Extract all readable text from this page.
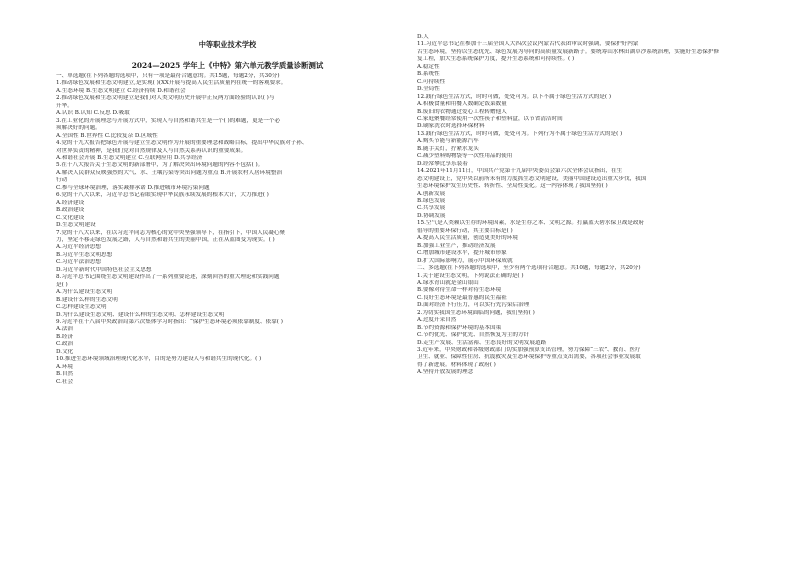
中等职业技术学校
2024—2025 学年上《中特》第六单元教学质量诊断测试
一、单选题(在下列各题的选项中，只有一项是最符合题意的。共15题，每题2分，共30分)
1.推动绿色发展和生态文明建立,是实现( )(XX开展与提高人民生活质量内在统一的客观要求。
A.生态环境 B.生态文明建立 C.经济持续 D.和谐社会
2.推动绿色发展和生态文明建立是我们对人类文明历史开展中正反两方面经验的认识( )与
升华。
A.认识 B.认知 C.反思 D.吸取
3.在工业化的开展理念与开展方式中，实现人与自然和谐共生是一个( )的难题，更是一个必
须解决好的问题。
A.全国性 B.世界性 C.比较复杂 D.区域性
4.党的十九大报告把绿色开展与建立生态文明作为开展的重要理念和战略目标，提出中华民族对子孙、
对世界负责的精神，是我们党对自然规律及人与自然关系再认识的重要成果。
A.和谐社会开展 B.生态文明建立 C.互联网应用 D.共享经济
5.在十八大报告关于生态文明的新部署中，为了解决突出环境问题的内容不包括( )。
A.解决人民群众反映强烈的大气、水、土壤污染等突出问题为重点 B.开展农村人居环境整治
行动
C.参与全球环境治理，落实减排承诺 D.推进城市环境污染问题
6.党的十八大以来，习近平总书记着眼实现中华民族永续发展的根本大计，大力推进( )
A.经济建设
B.政治建设
C.文化建设
D.生态文明建设
7.党的十八大以来，在以习近平同志为核心的党中央坚强领导下，在指引下，中国人民凝心聚
力，坚定不移走绿色发展之路，人与自然和谐共生的美丽中国，正在从蓝图变为现实。( )
A.习近平经济思想
B.习近平生态文明思想
C.习近平法治思想
D.习近平新时代中国特色社会主义思想
8.习近平总书记围绕生态文明建设作出了一系列重要论述，深刻回答的重大理论和实践问题
是( )
A.为什么建设生态文明
B.建设什么样的生态文明
C.怎样建设生态文明
D.为什么建设生态文明、建设什么样的生态文明、怎样建设生态文明
9.习近平在十八届中央政治局第六次集体学习时指出：“保护生态环境必须依靠制度、依靠( )
A.法治
B.经济
C.政治
D.文化
10.推进生态环境领域治理现代化水平，目的是努力建设人与和谐共生的现代化。( )
A.环境
B.自然
C.社会
D.人
11.习近平总书记在参加十三届全国人大四次会议内蒙古代表团审议时强调，要保护好内蒙
古生态环境，坚持以生态优先、绿色发展为导向的高质量发展新路子。要统筹山水林田湖草沙系统治理，实施好生态保护修
复工程，加大生态系统保护力度，提升生态系统和可持续性。( )
A.稳定性
B.系统性
C.可持续性
D.全局性
12.践行绿色生活方式，时时可做，处处可为。以下不属于绿色生活方式的是( )
A.积极食量和用餐人数确定饭菜数量
B.废旧的衣物通过爱心工程转赠他人
C.家庭聚餐经常使用一次性筷子和塑料盒，以节省清洁时间
D.刷家洗衣时选择环保材料
13.践行绿色生活方式，时时可做，处处可为。下列行为不属于绿色生活方式的是( )
A.购买节能与新能源汽车
B.随手关灯，拧紧水龙头
C.减少塑料购物袋等一次性用品的使用
D.经常攀比享乐装着
14.2021年11月11日，中国共产党第十九届中央委员会第六次全体会议指出，在生
态文明建设上，党中央以前所未有的力度抓生态文明建设，美丽中国建设迈出重大步伐，我国
生态环境保护发生历史性、转折性、全局性变化。这一内容体现了我国坚持( )
A.创新发展
B.绿色发展
C.共享发展
D.协调发展
15.空气是人类赖以生存的环境因素，水是生存之本、文明之源。打赢蓝天碧水保卫战是政府
倡导的重要环保行动，其主要目标是( )
A.提高人民生活质量，创造更美好的环境
B.加强工业生产，推动经济发展
C.增加城市建设水平，提升城市形象
D.扩大国际影响力，展示中国环保成就
二、多选题(在下列各题的选项中，至少有两个选项符合题意。共10题，每题2分，共20分)
1.关于建设生态文明，下列说法正确的是( )
A.绿水青山就是金山银山
B.要像对待生命一样对待生态环境
C.良好生态环境是最普惠的民生福祉
D.面对经济下行压力，可以实行先污染后治理
2.为切实我国生态环境面临的问题，我们坚持( )
A.过度开采自然
B.节约资源和保护环境的基本国策
C.节约优先、保护优先、自然恢复为主的方针
D.走生产发展、生活富裕、生态良好的文明发展道路
3.近年来，中央财政和各级财政部门切实加强预算支出管理，努力保障“三农”、教育、医疗
卫生、就业、保障性住房、抗震救灾及生态环境保护等重点支出需要，各项社会事业发展取
得了新进展。材料体现了政府( )
A.坚持开放发展的理念
